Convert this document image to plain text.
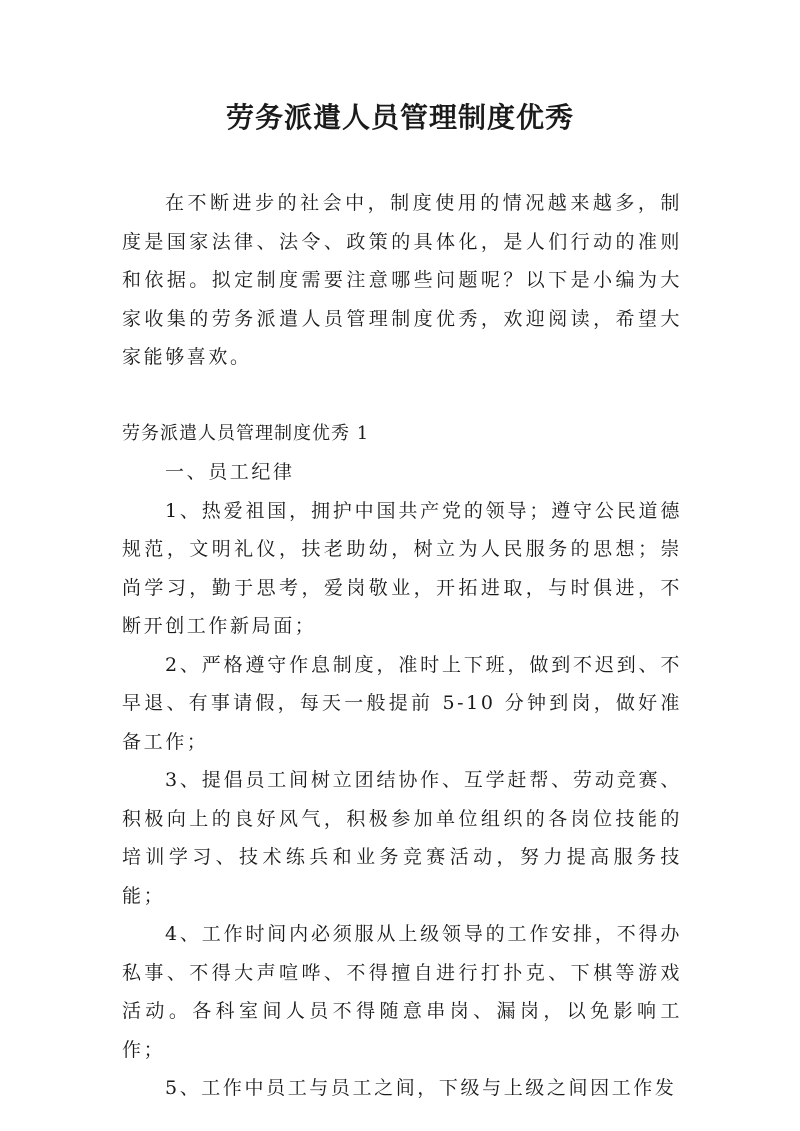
劳务派遣人员管理制度优秀

在不断进步的社会中，制度使用的情况越来越多，制度是国家法律、法令、政策的具体化，是人们行动的准则和依据。拟定制度需要注意哪些问题呢？以下是小编为大家收集的劳务派遣人员管理制度优秀，欢迎阅读，希望大家能够喜欢。

劳务派遣人员管理制度优秀 1

一、员工纪律

1、热爱祖国，拥护中国共产党的领导；遵守公民道德规范，文明礼仪，扶老助幼，树立为人民服务的思想；崇尚学习，勤于思考，爱岗敬业，开拓进取，与时俱进，不断开创工作新局面；

2、严格遵守作息制度，准时上下班，做到不迟到、不早退、有事请假，每天一般提前 5-10 分钟到岗，做好准备工作；

3、提倡员工间树立团结协作、互学赶帮、劳动竞赛、积极向上的良好风气，积极参加单位组织的各岗位技能的培训学习、技术练兵和业务竞赛活动，努力提高服务技能；

4、工作时间内必须服从上级领导的工作安排，不得办私事、不得大声喧哗、不得擅自进行打扑克、下棋等游戏活动。各科室间人员不得随意串岗、漏岗，以免影响工作；

5、工作中员工与员工之间，下级与上级之间因工作发
